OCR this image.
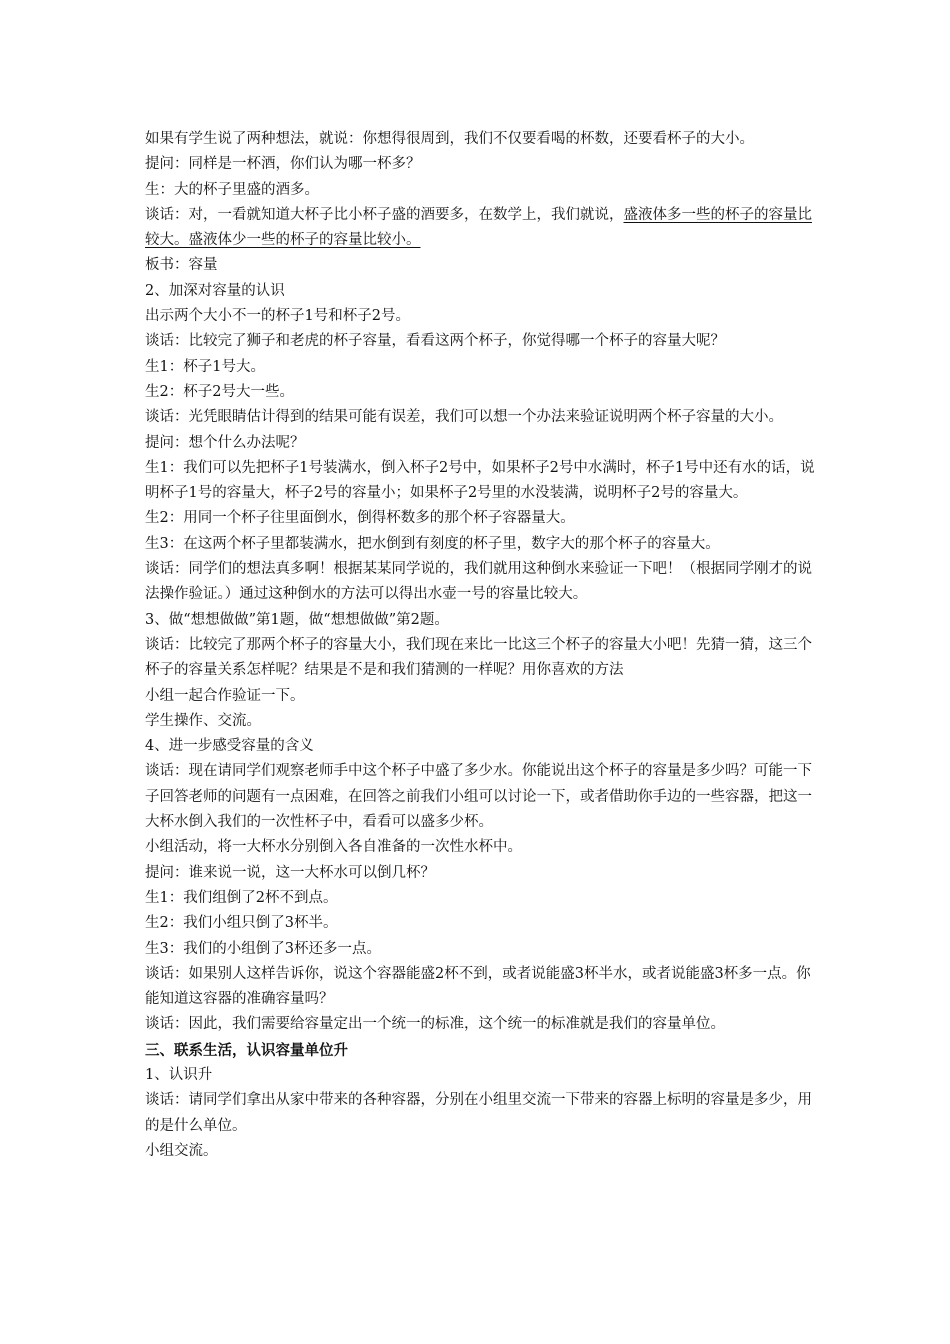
如果有学生说了两种想法，就说：你想得很周到，我们不仅要看喝的杯数，还要看杯子的大小。

提问：同样是一杯酒，你们认为哪一杯多？

生：大的杯子里盛的酒多。

谈话：对，一看就知道大杯子比小杯子盛的酒要多，在数学上，我们就说，盛液体多一些的杯子的容量比较大。盛液体少一些的杯子的容量比较小。

板书：容量

2、加深对容量的认识

出示两个大小不一的杯子1号和杯子2号。

谈话：比较完了狮子和老虎的杯子容量，看看这两个杯子，你觉得哪一个杯子的容量大呢？

生1：杯子1号大。

生2：杯子2号大一些。

谈话：光凭眼睛估计得到的结果可能有误差，我们可以想一个办法来验证说明两个杯子容量的大小。

提问：想个什么办法呢？

生1：我们可以先把杯子1号装满水，倒入杯子2号中，如果杯子2号中水满时，杯子1号中还有水的话，说明杯子1号的容量大，杯子2号的容量小；如果杯子2号里的水没装满，说明杯子2号的容量大。

生2：用同一个杯子往里面倒水，倒得杯数多的那个杯子容器量大。

生3：在这两个杯子里都装满水，把水倒到有刻度的杯子里，数字大的那个杯子的容量大。

谈话：同学们的想法真多啊！根据某某同学说的，我们就用这种倒水来验证一下吧！（根据同学刚才的说法操作验证。）通过这种倒水的方法可以得出水壶一号的容量比较大。

3、做“想想做做”第1题，做“想想做做”第2题。

谈话：比较完了那两个杯子的容量大小，我们现在来比一比这三个杯子的容量大小吧！先猜一猜，这三个杯子的容量关系怎样呢？结果是不是和我们猜测的一样呢？用你喜欢的方法

小组一起合作验证一下。

学生操作、交流。

4、进一步感受容量的含义

谈话：现在请同学们观察老师手中这个杯子中盛了多少水。你能说出这个杯子的容量是多少吗？可能一下子回答老师的问题有一点困难，在回答之前我们小组可以讨论一下，或者借助你手边的一些容器，把这一大杯水倒入我们的一次性杯子中，看看可以盛多少杯。

小组活动，将一大杯水分别倒入各自准备的一次性水杯中。

提问：谁来说一说，这一大杯水可以倒几杯？

生1：我们组倒了2杯不到点。

生2：我们小组只倒了3杯半。

生3：我们的小组倒了3杯还多一点。

谈话：如果别人这样告诉你，说这个容器能盛2杯不到，或者说能盛3杯半水，或者说能盛3杯多一点。你能知道这容器的准确容量吗？

谈话：因此，我们需要给容量定出一个统一的标准，这个统一的标准就是我们的容量单位。

三、联系生活，认识容量单位升

1、认识升

谈话：请同学们拿出从家中带来的各种容器，分别在小组里交流一下带来的容器上标明的容量是多少，用的是什么单位。

小组交流。
